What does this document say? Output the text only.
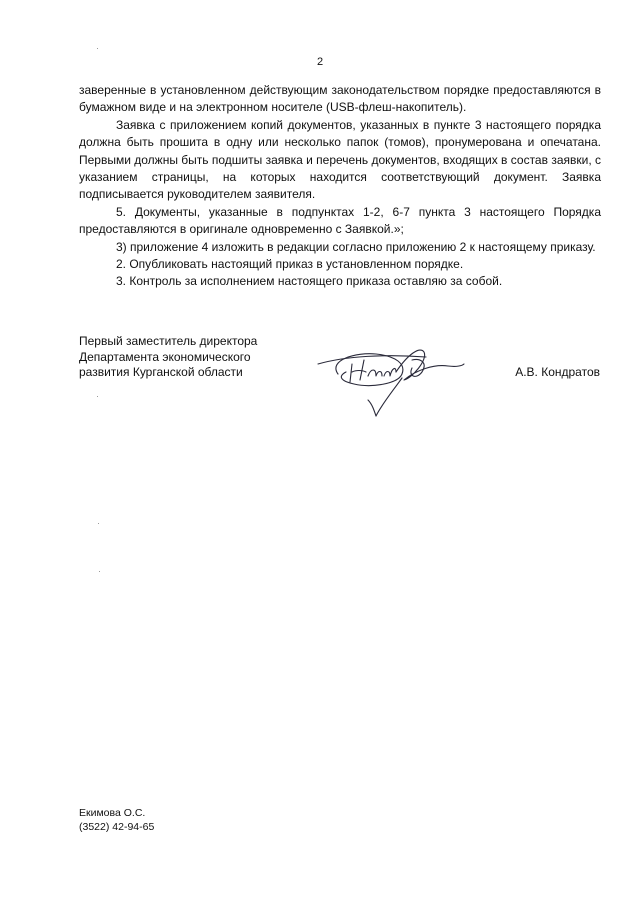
2

заверенные в установленном действующим законодательством порядке предоставляются в бумажном виде и на электронном носителе (USB-флеш-накопитель).

Заявка с приложением копий документов, указанных в пункте 3 настоящего порядка должна быть прошита в одну или несколько папок (томов), пронумерована и опечатана. Первыми должны быть подшиты заявка и перечень документов, входящих в состав заявки, с указанием страницы, на которых находится соответствующий документ. Заявка подписывается руководителем заявителя.

5. Документы, указанные в подпунктах 1-2, 6-7 пункта 3 настоящего Порядка предоставляются в оригинале одновременно с Заявкой.»;

3) приложение 4 изложить в редакции согласно приложению 2 к настоящему приказу.

2. Опубликовать настоящий приказ в установленном порядке.

3. Контроль за исполнением настоящего приказа оставляю за собой.

Первый заместитель директора
Департамента экономического
развития Курганской области	А.В. Кондратов
Екимова О.С.
(3522) 42-94-65
